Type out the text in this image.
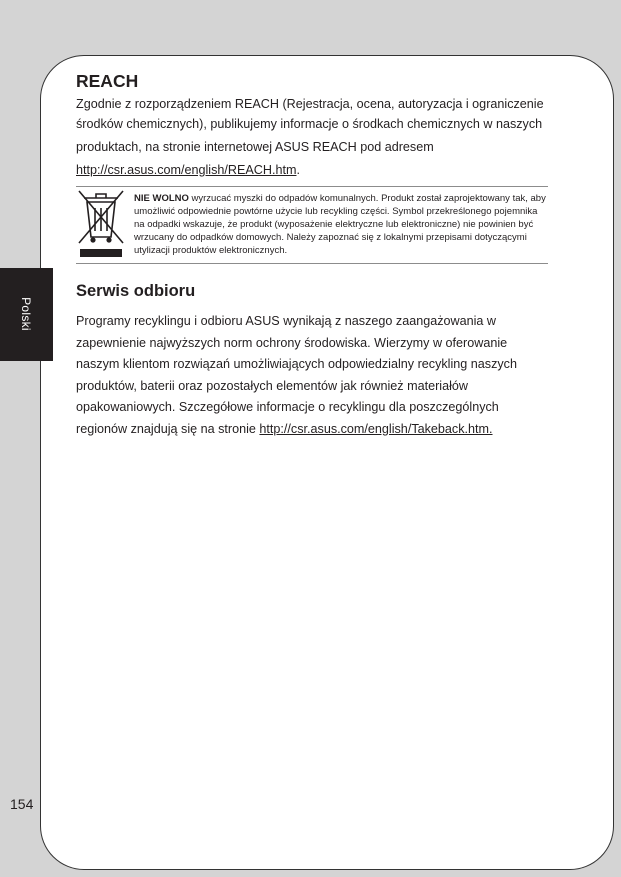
Polski
154
REACH

Zgodnie z rozporządzeniem REACH (Rejestracja, ocena, autoryzacja i ograniczenie
środków chemicznych), publikujemy informacje o środkach chemicznych w naszych produktach, na stronie internetowej ASUS REACH pod adresem http://csr.asus.com/english/REACH.htm.

NIE WOLNO wyrzucać myszki do odpadów komunalnych. Produkt został zaprojektowany tak, aby umożliwić odpowiednie powtórne użycie lub recykling części. Symbol przekreślonego pojemnika na odpadki wskazuje, że produkt (wyposażenie elektryczne lub elektroniczne) nie powinien być wrzucany do odpadków domowych. Należy zapoznać się z lokalnymi przepisami dotyczącymi utylizacji produktów elektronicznych.

Serwis odbioru

Programy recyklingu i odbioru ASUS wynikają z naszego zaangażowania w zapewnienie najwyższych norm ochrony środowiska. Wierzymy w oferowanie naszym klientom rozwiązań umożliwiających odpowiedzialny recykling naszych produktów, baterii oraz pozostałych elementów jak również materiałów opakowaniowych. Szczegółowe informacje o recyklingu dla poszczególnych regionów znajdują się na stronie http://csr.asus.com/english/Takeback.htm.
